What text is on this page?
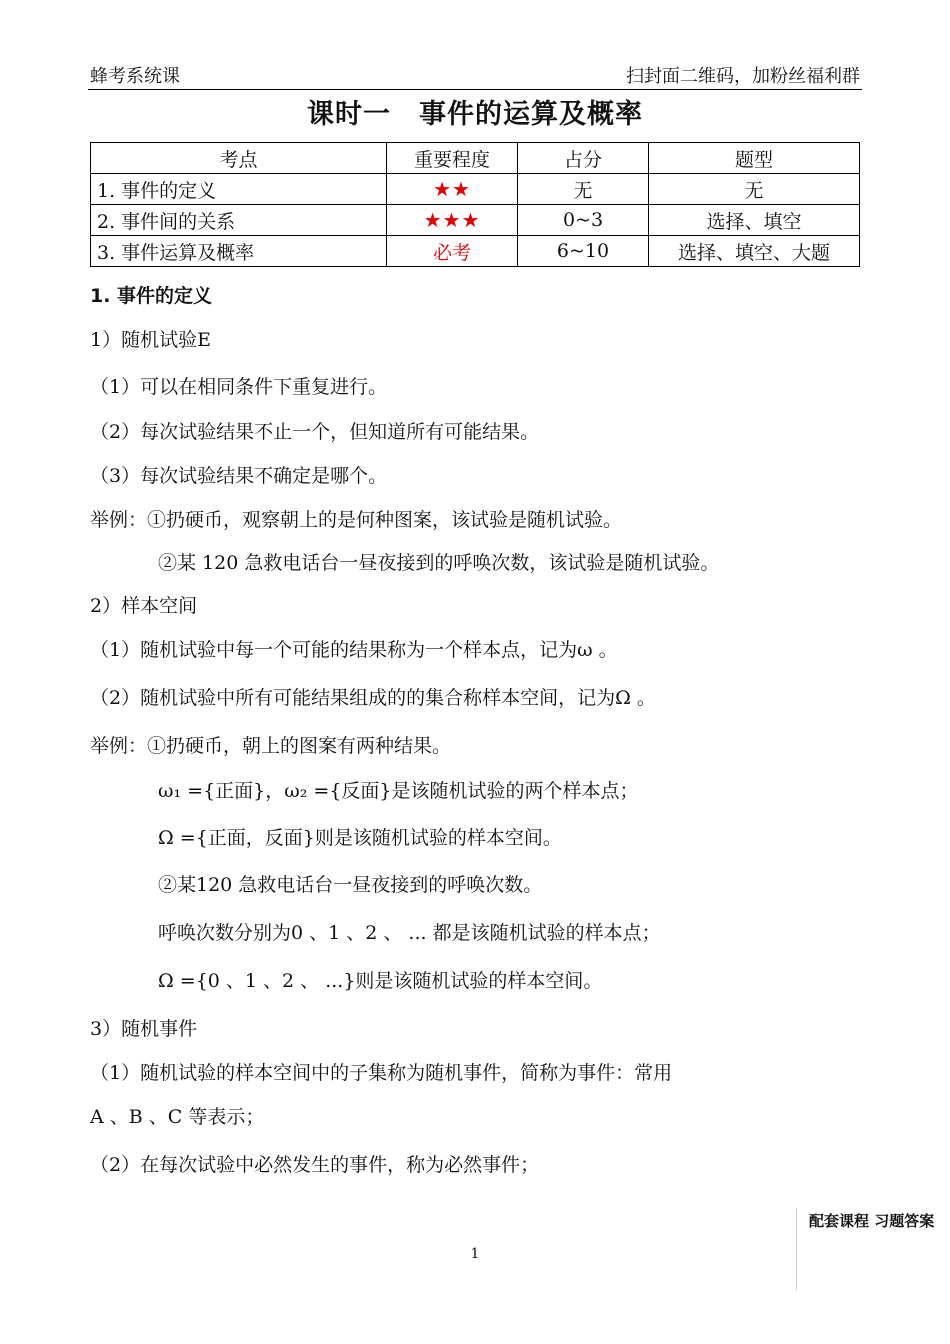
蜂考系统课	扫封面二维码，加粉丝福利群
课时一　事件的运算及概率
考点	重要程度	占分	题型
1. 事件的定义	★★	无	无
2. 事件间的关系	★★★	0~3	选择、填空
3. 事件运算及概率	必考	6~10	选择、填空、大题
1. 事件的定义
1）随机试验E
（1）可以在相同条件下重复进行。
（2）每次试验结果不止一个，但知道所有可能结果。
（3）每次试验结果不确定是哪个。
举例：①扔硬币，观察朝上的是何种图案，该试验是随机试验。
②某 120 急救电话台一昼夜接到的呼唤次数，该试验是随机试验。
2）样本空间
（1）随机试验中每一个可能的结果称为一个样本点，记为ω 。
（2）随机试验中所有可能结果组成的的集合称样本空间，记为Ω 。
举例：①扔硬币，朝上的图案有两种结果。
ω₁ ={正面}，ω₂ ={反面}是该随机试验的两个样本点；
Ω ={正面，反面}则是该随机试验的样本空间。
②某120 急救电话台一昼夜接到的呼唤次数。
呼唤次数分别为0 、1 、2 、 ... 都是该随机试验的样本点；
Ω ={0 、1 、2 、 ...}则是该随机试验的样本空间。
3）随机事件
（1）随机试验的样本空间中的子集称为随机事件，简称为事件：常用
A 、B 、C 等表示；
（2）在每次试验中必然发生的事件，称为必然事件；
配套课程 习题答案
1
